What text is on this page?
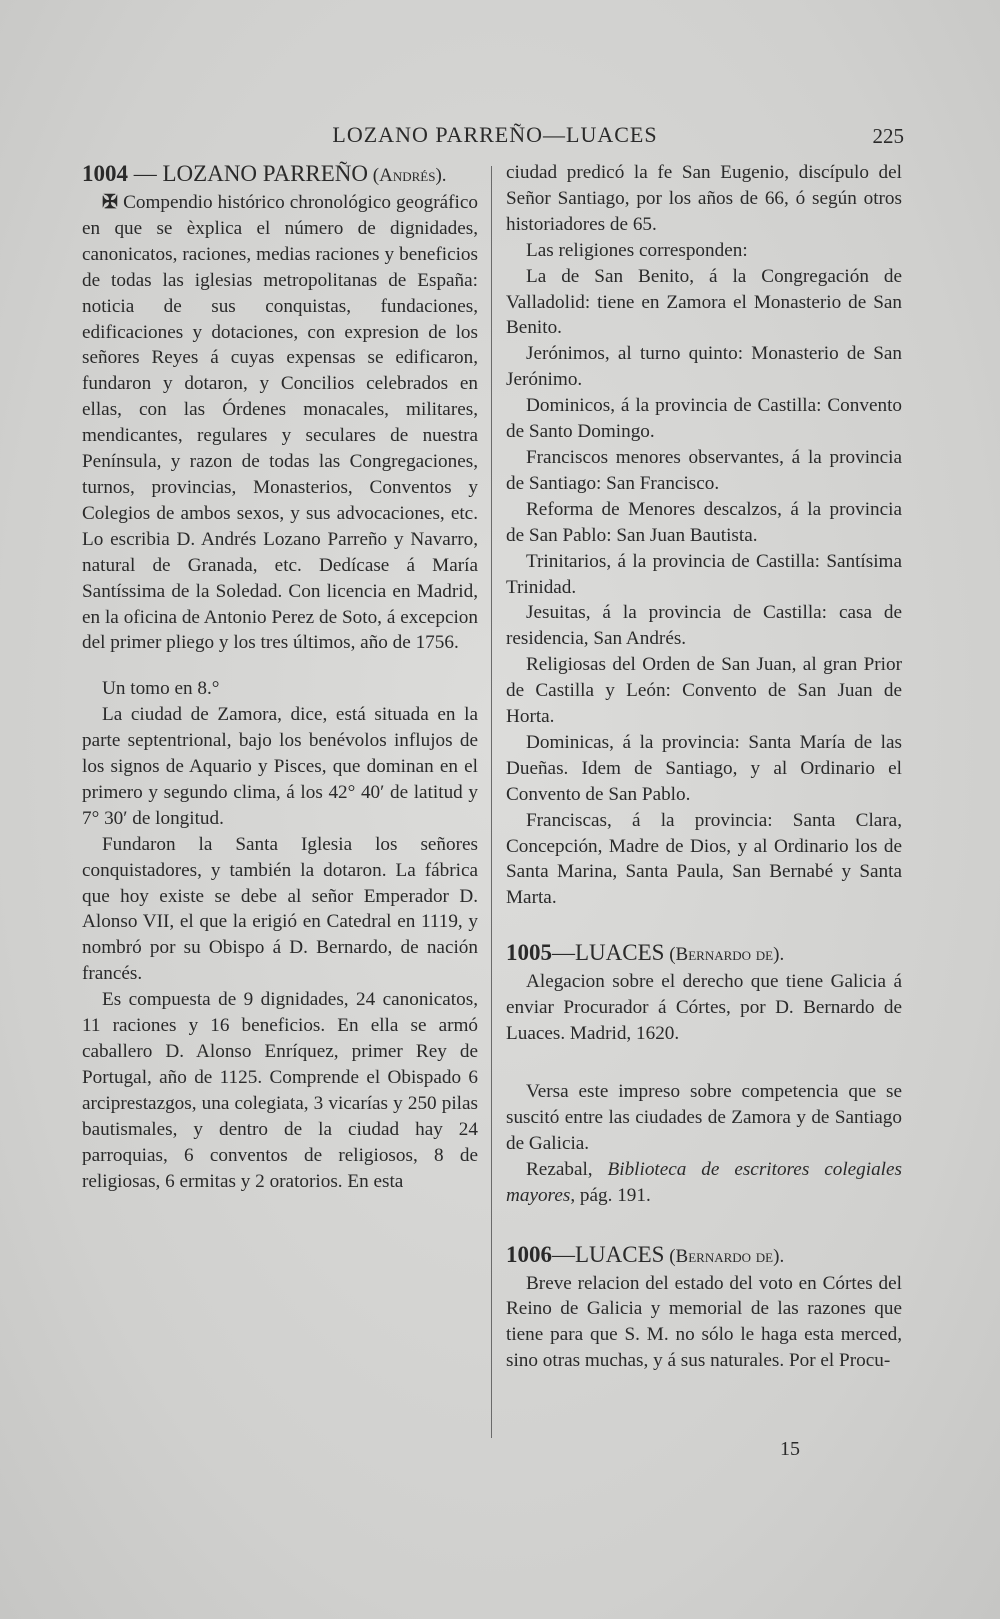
LOZANO PARREÑO—LUACES	225

1004 — LOZANO PARREÑO (Andrés).

✠ Compendio histórico chronológico geográfico en que se èxplica el número de dignidades, canonicatos, raciones, medias raciones y beneficios de todas las iglesias metropolitanas de España: noticia de sus conquistas, fundaciones, edificaciones y dotaciones, con expresion de los señores Reyes á cuyas expensas se edificaron, fundaron y dotaron, y Concilios celebrados en ellas, con las Órdenes monacales, militares, mendicantes, regulares y seculares de nuestra Península, y razon de todas las Congregaciones, turnos, provincias, Monasterios, Conventos y Colegios de ambos sexos, y sus advocaciones, etc. Lo escribia D. Andrés Lozano Parreño y Navarro, natural de Granada, etc. Dedícase á María Santíssima de la Soledad. Con licencia en Madrid, en la oficina de Antonio Perez de Soto, á excepcion del primer pliego y los tres últimos, año de 1756.

Un tomo en 8.°

La ciudad de Zamora, dice, está situada en la parte septentrional, bajo los benévolos influjos de los signos de Aquario y Pisces, que dominan en el primero y segundo clima, á los 42° 40′ de latitud y 7° 30′ de longitud.

Fundaron la Santa Iglesia los señores conquistadores, y también la dotaron. La fábrica que hoy existe se debe al señor Emperador D. Alonso VII, el que la erigió en Catedral en 1119, y nombró por su Obispo á D. Bernardo, de nación francés.

Es compuesta de 9 dignidades, 24 canonicatos, 11 raciones y 16 beneficios. En ella se armó caballero D. Alonso Enríquez, primer Rey de Portugal, año de 1125. Comprende el Obispado 6 arciprestazgos, una colegiata, 3 vicarías y 250 pilas bautismales, y dentro de la ciudad hay 24 parroquias, 6 conventos de religiosos, 8 de religiosas, 6 ermitas y 2 oratorios. En esta

ciudad predicó la fe San Eugenio, discípulo del Señor Santiago, por los años de 66, ó según otros historiadores de 65.

Las religiones corresponden:

La de San Benito, á la Congregación de Valladolid: tiene en Zamora el Monasterio de San Benito.

Jerónimos, al turno quinto: Monasterio de San Jerónimo.

Dominicos, á la provincia de Castilla: Convento de Santo Domingo.

Franciscos menores observantes, á la provincia de Santiago: San Francisco.

Reforma de Menores descalzos, á la provincia de San Pablo: San Juan Bautista.

Trinitarios, á la provincia de Castilla: Santísima Trinidad.

Jesuitas, á la provincia de Castilla: casa de residencia, San Andrés.

Religiosas del Orden de San Juan, al gran Prior de Castilla y León: Convento de San Juan de Horta.

Dominicas, á la provincia: Santa María de las Dueñas. Idem de Santiago, y al Ordinario el Convento de San Pablo.

Franciscas, á la provincia: Santa Clara, Concepción, Madre de Dios, y al Ordinario los de Santa Marina, Santa Paula, San Bernabé y Santa Marta.

1005—LUACES (Bernardo de).

Alegacion sobre el derecho que tiene Galicia á enviar Procurador á Córtes, por D. Bernardo de Luaces. Madrid, 1620.

Versa este impreso sobre competencia que se suscitó entre las ciudades de Zamora y de Santiago de Galicia.

Rezabal, Biblioteca de escritores colegiales mayores, pág. 191.

1006—LUACES (Bernardo de).

Breve relacion del estado del voto en Córtes del Reino de Galicia y memorial de las razones que tiene para que S. M. no sólo le haga esta merced, sino otras muchas, y á sus naturales. Por el Procu-

15
